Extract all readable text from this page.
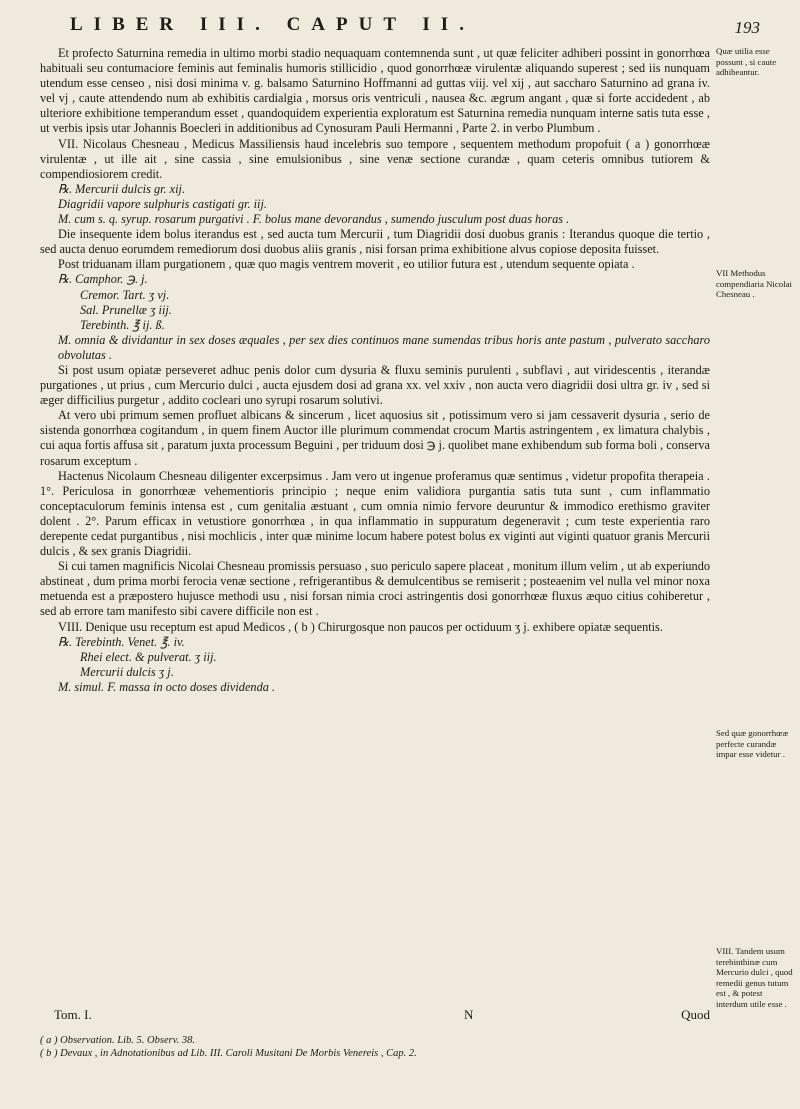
LIBER III. CAPUT II.	193

Et profecto Saturnina remedia in ultimo morbi stadio nequaquam contemnenda sunt , ut quæ feliciter adhiberi possint in gonorrhœa habituali seu contumaciore feminis aut feminalis humoris stillicidio , quod gonorrhœæ virulentæ aliquando superest ; sed iis nunquam utendum esse censeo , nisi dosi minima v. g. balsamo Saturnino Hoffmanni ad guttas viij. vel xij , aut saccharo Saturnino ad grana iv. vel vj , caute attendendo num ab exhibitis cardialgia , morsus oris ventriculi , nausea &c. ægrum angant , quæ si forte accidedent , ab ulteriore exhibitione temperandum esset , quandoquidem experientia exploratum est Saturnina remedia nunquam interne satis tuta esse , ut verbis ipsis utar Johannis Boecleri in additionibus ad Cynosuram Pauli Hermanni , Parte 2. in verbo Plumbum .

VII. Nicolaus Chesneau , Medicus Massiliensis haud incelebris suo tempore , sequentem methodum propofuit ( a ) gonorrhœæ virulentæ , ut ille ait , sine cassia , sine emulsionibus , sine venæ sectione curandæ , quam ceteris omnibus tutiorem & compendiosiorem credit.

℞. Mercurii dulcis gr. xij.

Diagridii vapore sulphuris castigati gr. iij.

M. cum s. q. syrup. rosarum purgativi . F. bolus mane devorandus , sumendo jusculum post duas horas .

Die insequente idem bolus iterandus est , sed aucta tum Mercurii , tum Diagridii dosi duobus granis : Iterandus quoque die tertio , sed aucta denuo eorumdem remediorum dosi duobus aliis granis , nisi forsan prima exhibitione alvus copiose deposita fuisset.

Post triduanam illam purgationem , quæ quo magis ventrem moverit , eo utilior futura est , utendum sequente opiata .

℞. Camphor. ℈. j.

Cremor. Tart. ʒ vj.

Sal. Prunellæ ʒ iij.

Terebinth. ℥ ij. ß.

M. omnia & dividantur in sex doses æquales , per sex dies continuos mane sumendas tribus horis ante pastum , pulverato saccharo obvolutas .

Si post usum opiatæ perseveret adhuc penis dolor cum dysuria & fluxu seminis purulenti , subflavi , aut viridescentis , iterandæ purgationes , ut prius , cum Mercurio dulci , aucta ejusdem dosi ad grana xx. vel xxiv , non aucta vero diagridii dosi ultra gr. iv , sed si æger difficilius purgetur , addito cocleari uno syrupi rosarum solutivi.

At vero ubi primum semen profluet albicans & sincerum , licet aquosius sit , potissimum vero si jam cessaverit dysuria , serio de sistenda gonorrhœa cogitandum , in quem finem Auctor ille plurimum commendat crocum Martis astringentem , ex limatura chalybis , cui aqua fortis affusa sit , paratum juxta processum Beguini , per triduum dosi ℈ j. quolibet mane exhibendum sub forma boli , conserva rosarum exceptum .

Hactenus Nicolaum Chesneau diligenter excerpsimus . Jam vero ut ingenue proferamus quæ sentimus , videtur propofita therapeia . 1°. Periculosa in gonorrhœæ vehementioris principio ; neque enim validiora purgantia satis tuta sunt , cum inflammatio conceptaculorum feminis intensa est , cum genitalia æstuant , cum omnia nimio fervore deuruntur & immodico erethismo graviter dolent . 2°. Parum efficax in vetustiore gonorrhœa , in qua inflammatio in suppuratum degeneravit ; cum teste experientia raro derepente cedat purgantibus , nisi mochlicis , inter quæ minime locum habere potest bolus ex viginti aut viginti quatuor granis Mercurii dulcis , & sex granis Diagridii.

Si cui tamen magnificis Nicolai Chesneau promissis persuaso , suo periculo sapere placeat , monitum illum velim , ut ab experiundo abstineat , dum prima morbi ferocia venæ sectione , refrigerantibus & demulcentibus se remiserit ; posteaenim vel nulla vel minor noxa metuenda est a præpostero hujusce methodi usu , nisi forsan nimia croci astringentis dosi gonorrhœæ fluxus æquo citius cohiberetur , sed ab errore tam manifesto sibi cavere difficile non est .

VIII. Denique usu receptum est apud Medicos , ( b ) Chirurgosque non paucos per octiduum ʒ j. exhibere opiatæ sequentis.

℞. Terebinth. Venet. ℥. iv.

Rhei elect. & pulverat. ʒ iij.

Mercurii dulcis ʒ j.

M. simul. F. massa in octo doses dividenda .

Quæ utilia esse possunt , si caute adhibeantur.
VII Methodus compendiaria Nicolai Chesneau .
Sed quæ gonorrhœæ perfecte curandæ impar esse videtur .
VIII. Tandem usum terebinthinæ cum Mercurio dulci , quod remedii genus tutum est , & potest interdum utile esse .
Tom. I.	N	Quod
( a ) Observation. Lib. 5. Observ. 38.
( b ) Devaux , in Adnotationibus ad Lib. III. Caroli Musitani De Morbis Venereis , Cap. 2.
